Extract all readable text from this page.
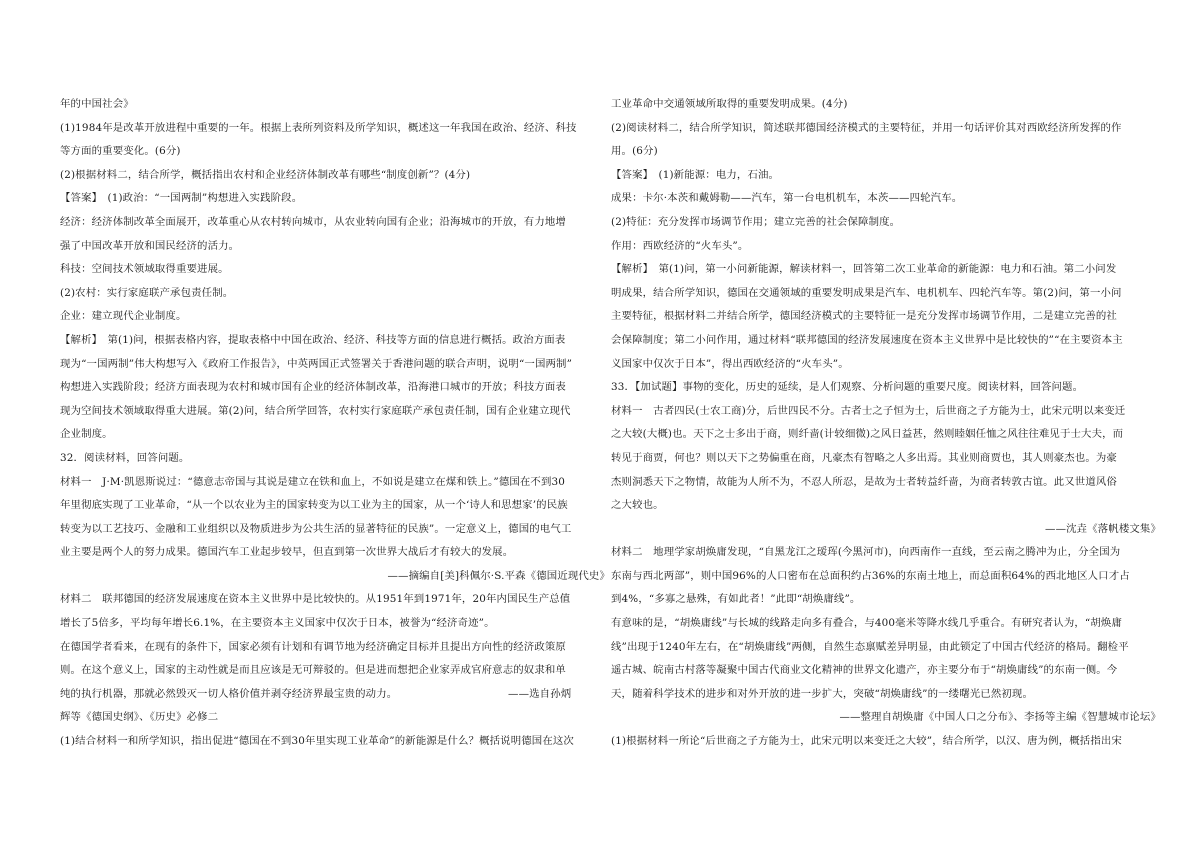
年的中国社会》

(1)1984年是改革开放进程中重要的一年。根据上表所列资料及所学知识，概述这一年我国在政治、经济、科技

等方面的重要变化。(6分)

(2)根据材料二，结合所学，概括指出农村和企业经济体制改革有哪些“制度创新”？(4分)

【答案】　(1)政治：“一国两制”构想进入实践阶段。

经济：经济体制改革全面展开，改革重心从农村转向城市，从农业转向国有企业；沿海城市的开放，有力地增

强了中国改革开放和国民经济的活力。

科技：空间技术领域取得重要进展。

(2)农村：实行家庭联产承包责任制。

企业：建立现代企业制度。

【解析】　第(1)问，根据表格内容，提取表格中中国在政治、经济、科技等方面的信息进行概括。政治方面表

现为“一国两制”伟大构想写入《政府工作报告》，中英两国正式签署关于香港问题的联合声明，说明“一国两制”

构想进入实践阶段；经济方面表现为农村和城市国有企业的经济体制改革，沿海港口城市的开放；科技方面表

现为空间技术领域取得重大进展。第(2)问，结合所学回答，农村实行家庭联产承包责任制，国有企业建立现代

企业制度。

32．阅读材料，回答问题。

材料一　J·M·凯恩斯说过：“德意志帝国与其说是建立在铁和血上，不如说是建立在煤和铁上。”德国在不到30

年里彻底实现了工业革命，“从一个以农业为主的国家转变为以工业为主的国家，从一个‘诗人和思想家’的民族

转变为以工艺技巧、金融和工业组织以及物质进步为公共生活的显著特征的民族”。一定意义上，德国的电气工

业主要是两个人的努力成果。德国汽车工业起步较早，但直到第一次世界大战后才有较大的发展。

——摘编自[美]科佩尔·S.平森《德国近现代史》

材料二　联邦德国的经济发展速度在资本主义世界中是比较快的。从1951年到1971年，20年内国民生产总值

增长了5倍多，平均每年增长6.1%，在主要资本主义国家中仅次于日本，被誉为“经济奇迹”。

在德国学者看来，在现有的条件下，国家必须有计划和有调节地为经济确定目标并且提出方向性的经济政策原

则。在这个意义上，国家的主动性就是而且应该是无可辩驳的。但是进而想把企业家弄成官府意志的奴隶和单

纯的执行机器，那就必然毁灭一切人格价值并剥夺经济界最宝贵的动力。　　　　　　　　　　　——选自孙炳

辉等《德国史纲》、《历史》必修二

(1)结合材料一和所学知识，指出促进“德国在不到30年里实现工业革命”的新能源是什么？概括说明德国在这次

工业革命中交通领域所取得的重要发明成果。(4分)

(2)阅读材料二，结合所学知识，简述联邦德国经济模式的主要特征，并用一句话评价其对西欧经济所发挥的作

用。(6分)

【答案】　(1)新能源：电力，石油。

成果：卡尔·本茨和戴姆勒——汽车，第一台电机机车，本茨——四轮汽车。

(2)特征：充分发挥市场调节作用；建立完善的社会保障制度。

作用：西欧经济的“火车头”。

【解析】　第(1)问，第一小问新能源，解读材料一，回答第二次工业革命的新能源：电力和石油。第二小问发

明成果，结合所学知识，德国在交通领域的重要发明成果是汽车、电机机车、四轮汽车等。第(2)问，第一小问

主要特征，根据材料二并结合所学，德国经济模式的主要特征一是充分发挥市场调节作用，二是建立完善的社

会保障制度；第二小问作用，通过材料“联邦德国的经济发展速度在资本主义世界中是比较快的”“在主要资本主

义国家中仅次于日本”，得出西欧经济的“火车头”。

33．【加试题】事物的变化，历史的延续，是人们观察、分析问题的重要尺度。阅读材料，回答问题。

材料一　古者四民(士农工商)分，后世四民不分。古者士之子恒为士，后世商之子方能为士，此宋元明以来变迁

之大较(大概)也。天下之士多出于商，则纤啬(计较细微)之风日益甚，然则睦姻任恤之风往往难见于士大夫，而

转见于商贾，何也？则以天下之势偏重在商，凡豪杰有智略之人多出焉。其业则商贾也，其人则豪杰也。为豪

杰则洞悉天下之物情，故能为人所不为，不忍人所忍，是故为士者转益纤啬，为商者转敦古谊。此又世道风俗

之大较也。

——沈垚《落帆楼文集》

材料二　地理学家胡焕庸发现，“自黑龙江之瑷珲(今黑河市)，向西南作一直线，至云南之腾冲为止，分全国为

东南与西北两部”，则中国96%的人口密布在总面积约占36%的东南土地上，而总面积64%的西北地区人口才占

到4%，“多寡之悬殊，有如此者！”此即“胡焕庸线”。

有意味的是，“胡焕庸线”与长城的线路走向多有叠合，与400毫米等降水线几乎重合。有研究者认为，“胡焕庸

线”出现于1240年左右，在“胡焕庸线”两侧，自然生态禀赋差异明显，由此锁定了中国古代经济的格局。翻检平

遥古城、皖南古村落等凝聚中国古代商业文化精神的世界文化遗产，亦主要分布于“胡焕庸线”的东南一侧。今

天，随着科学技术的进步和对外开放的进一步扩大，突破“胡焕庸线”的一缕曙光已然初现。

——整理自胡焕庸《中国人口之分布》、李扬等主编《智慧城市论坛》

(1)根据材料一所论“后世商之子方能为士，此宋元明以来变迁之大较”，结合所学，以汉、唐为例，概括指出宋
